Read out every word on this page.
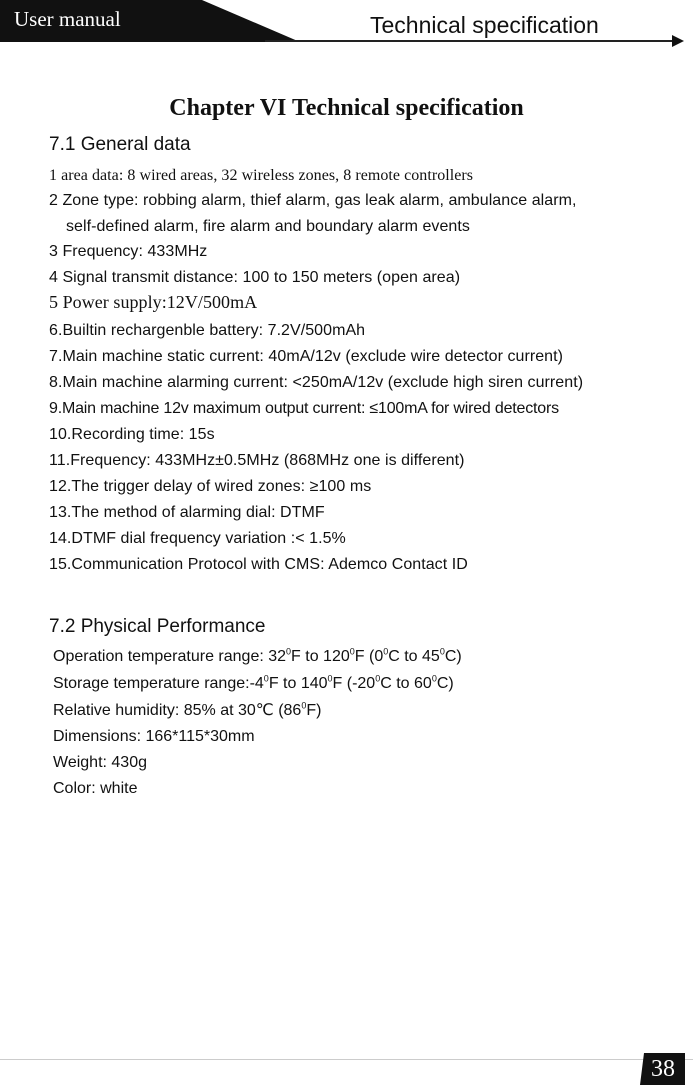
User manual	Technical specification
Chapter VI Technical specification
7.1 General data
1 area data: 8 wired areas, 32 wireless zones, 8 remote controllers
2 Zone type: robbing alarm, thief alarm, gas leak alarm, ambulance alarm,
self-defined alarm, fire alarm and boundary alarm events
3 Frequency: 433MHz
4 Signal transmit distance: 100 to 150 meters (open area)
5 Power supply:12V/500mA
6.Builtin rechargenble battery: 7.2V/500mAh
7.Main machine static current: 40mA/12v (exclude wire detector current)
8.Main machine alarming current: <250mA/12v (exclude high siren current)
9.Main machine 12v maximum output current: ≤100mA for wired detectors
10.Recording time: 15s
11.Frequency: 433MHz±0.5MHz (868MHz one is different)
12.The trigger delay of wired zones: ≥100 ms
13.The method of alarming dial: DTMF
14.DTMF dial frequency variation :< 1.5%
15.Communication Protocol with CMS: Ademco Contact ID
7.2 Physical Performance
Operation temperature range: $32^0F$ to $120^0F$ ($0^0C$ to $45^0C$)
Storage temperature $range:-4^0F$ to $140^0F$ ($-20^0C$ to $60^0C$)
Relative humidity: 85% at 30℃ $(86^0F)$
Dimensions: 166*115*30mm
Weight: 430g
Color: white
38
